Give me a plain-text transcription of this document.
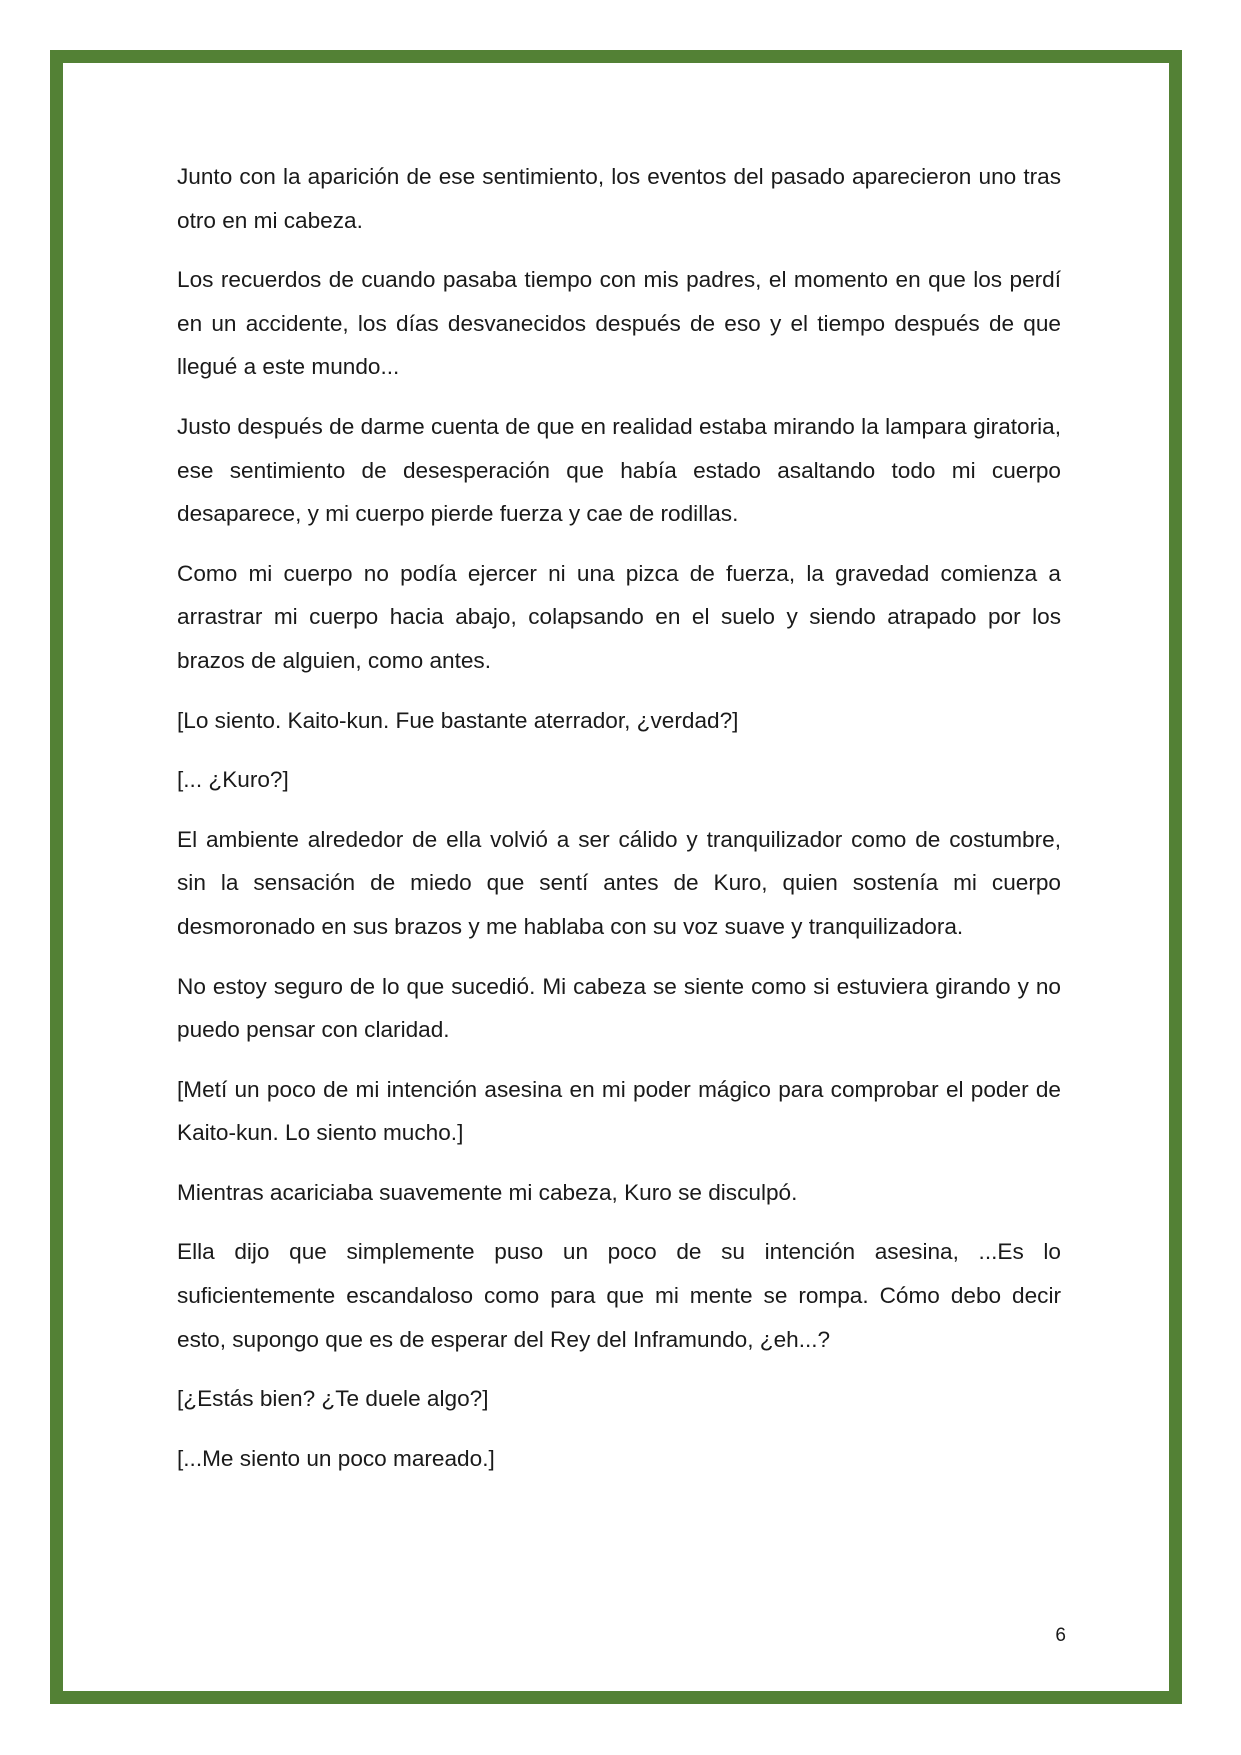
Junto con la aparición de ese sentimiento, los eventos del pasado aparecieron uno tras otro en mi cabeza.

Los recuerdos de cuando pasaba tiempo con mis padres, el momento en que los perdí en un accidente, los días desvanecidos después de eso y el tiempo después de que llegué a este mundo...

Justo después de darme cuenta de que en realidad estaba mirando la lampara giratoria, ese sentimiento de desesperación que había estado asaltando todo mi cuerpo desaparece, y mi cuerpo pierde fuerza y cae de rodillas.

Como mi cuerpo no podía ejercer ni una pizca de fuerza, la gravedad comienza a arrastrar mi cuerpo hacia abajo, colapsando en el suelo y siendo atrapado por los brazos de alguien, como antes.

[Lo siento. Kaito-kun. Fue bastante aterrador, ¿verdad?]

[... ¿Kuro?]

El ambiente alrededor de ella volvió a ser cálido y tranquilizador como de costumbre, sin la sensación de miedo que sentí antes de Kuro, quien sostenía mi cuerpo desmoronado en sus brazos y me hablaba con su voz suave y tranquilizadora.

No estoy seguro de lo que sucedió. Mi cabeza se siente como si estuviera girando y no puedo pensar con claridad.

[Metí un poco de mi intención asesina en mi poder mágico para comprobar el poder de Kaito-kun. Lo siento mucho.]

Mientras acariciaba suavemente mi cabeza, Kuro se disculpó.

Ella dijo que simplemente puso un poco de su intención asesina, ...Es lo suficientemente escandaloso como para que mi mente se rompa. Cómo debo decir esto, supongo que es de esperar del Rey del Inframundo, ¿eh...?

[¿Estás bien? ¿Te duele algo?]

[...Me siento un poco mareado.]

6
